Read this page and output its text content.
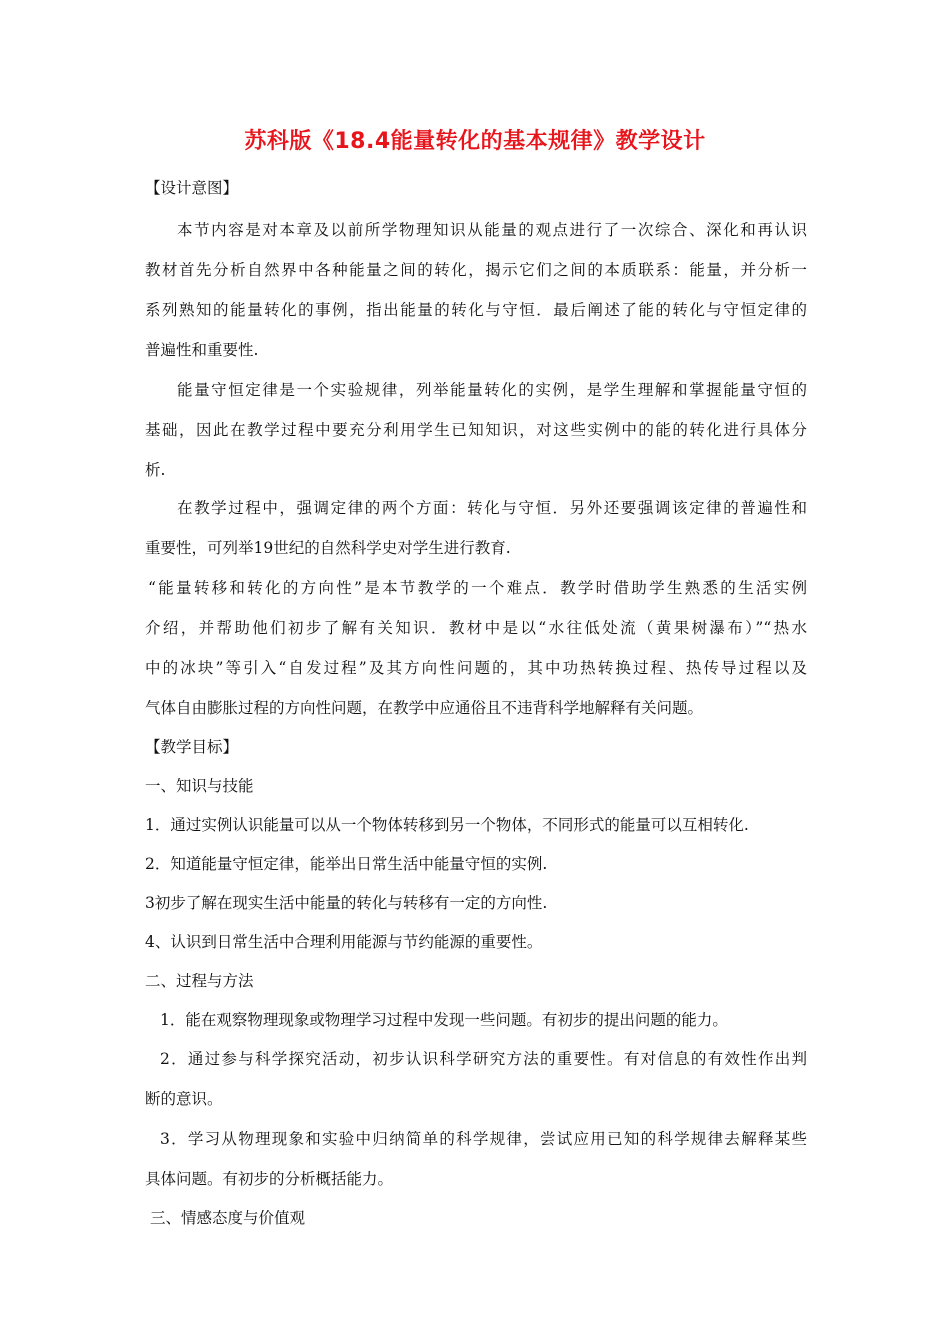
苏科版《18.4能量转化的基本规律》教学设计
【设计意图】
本节内容是对本章及以前所学物理知识从能量的观点进行了一次综合、深化和再认识
教材首先分析自然界中各种能量之间的转化，揭示它们之间的本质联系：能量，并分析一
系列熟知的能量转化的事例，指出能量的转化与守恒．最后阐述了能的转化与守恒定律的
普遍性和重要性.
能量守恒定律是一个实验规律，列举能量转化的实例，是学生理解和掌握能量守恒的
基础，因此在教学过程中要充分利用学生已知知识，对这些实例中的能的转化进行具体分
析.
在教学过程中，强调定律的两个方面：转化与守恒．另外还要强调该定律的普遍性和
重要性，可列举19世纪的自然科学史对学生进行教育.
“能量转移和转化的方向性”是本节教学的一个难点．教学时借助学生熟悉的生活实例
介绍，并帮助他们初步了解有关知识．教材中是以“水往低处流（黄果树瀑布）”“热水
中的冰块”等引入“自发过程”及其方向性问题的，其中功热转换过程、热传导过程以及
气体自由膨胀过程的方向性问题，在教学中应通俗且不违背科学地解释有关问题。
【教学目标】
一、知识与技能
1．通过实例认识能量可以从一个物体转移到另一个物体，不同形式的能量可以互相转化.
2．知道能量守恒定律，能举出日常生活中能量守恒的实例.
3初步了解在现实生活中能量的转化与转移有一定的方向性.
4、认识到日常生活中合理利用能源与节约能源的重要性。
二、过程与方法
1．能在观察物理现象或物理学习过程中发现一些问题。有初步的提出问题的能力。
2．通过参与科学探究活动，初步认识科学研究方法的重要性。有对信息的有效性作出判
断的意识。
3．学习从物理现象和实验中归纳简单的科学规律，尝试应用已知的科学规律去解释某些
具体问题。有初步的分析概括能力。
三、情感态度与价值观
